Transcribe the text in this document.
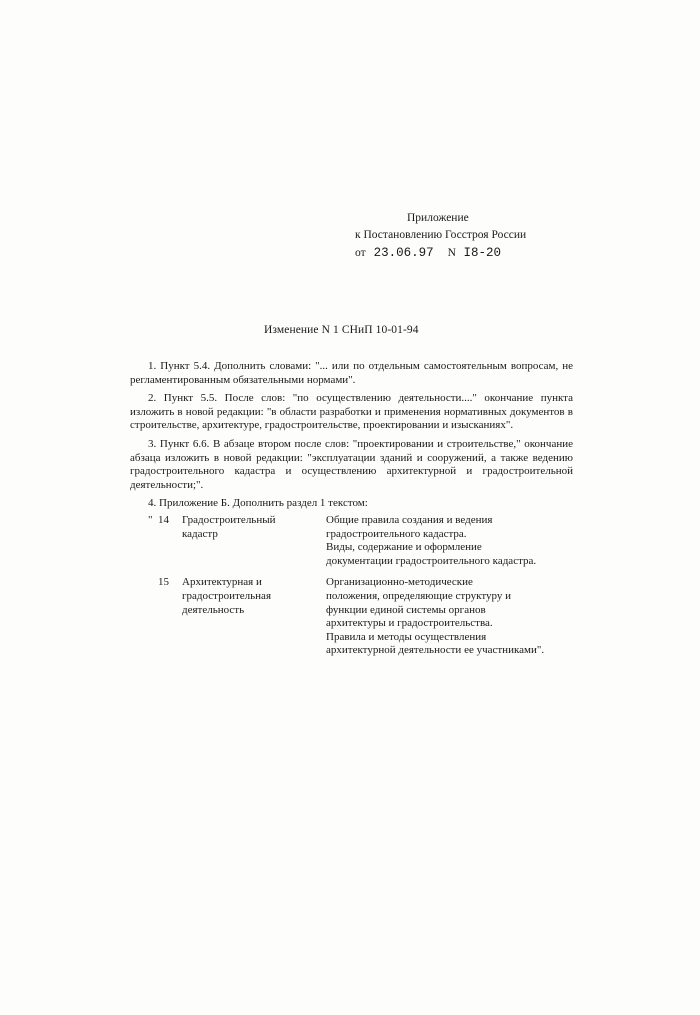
Приложение
к Постановлению Госстроя России
от 23.06.97 N I8-20
Изменение N 1 СНиП 10-01-94

1. Пункт 5.4. Дополнить словами: "... или по отдельным самостоятельным вопросам, не регламентированным обязательными нормами".

2. Пункт 5.5. После слов: "по осуществлению деятельности...." окончание пункта изложить в новой редакции: "в области разработки и применения нормативных документов в строительстве, архитектуре, градостроительстве, проектировании и изысканиях".

3. Пункт 6.6. В абзаце втором после слов: "проектировании и строительстве," окончание абзаца изложить в новой редакции: "эксплуатации зданий и сооружений, а также ведению градостроительного кадастра и осуществлению архитектурной и градостроительной деятельности;".

4. Приложение Б. Дополнить раздел 1 текстом:

" 14	Градостроительный
кадастр
Общие правила создания и ведения
градостроительного кадастра.
Виды, содержание и оформление
документации градостроительного кадастра.
15	Архитектурная и
градостроительная
деятельность
Организационно-методические
положения, определяющие структуру и
функции единой системы органов
архитектуры и градостроительства.
Правила и методы осуществления
архитектурной деятельности ее участниками".
